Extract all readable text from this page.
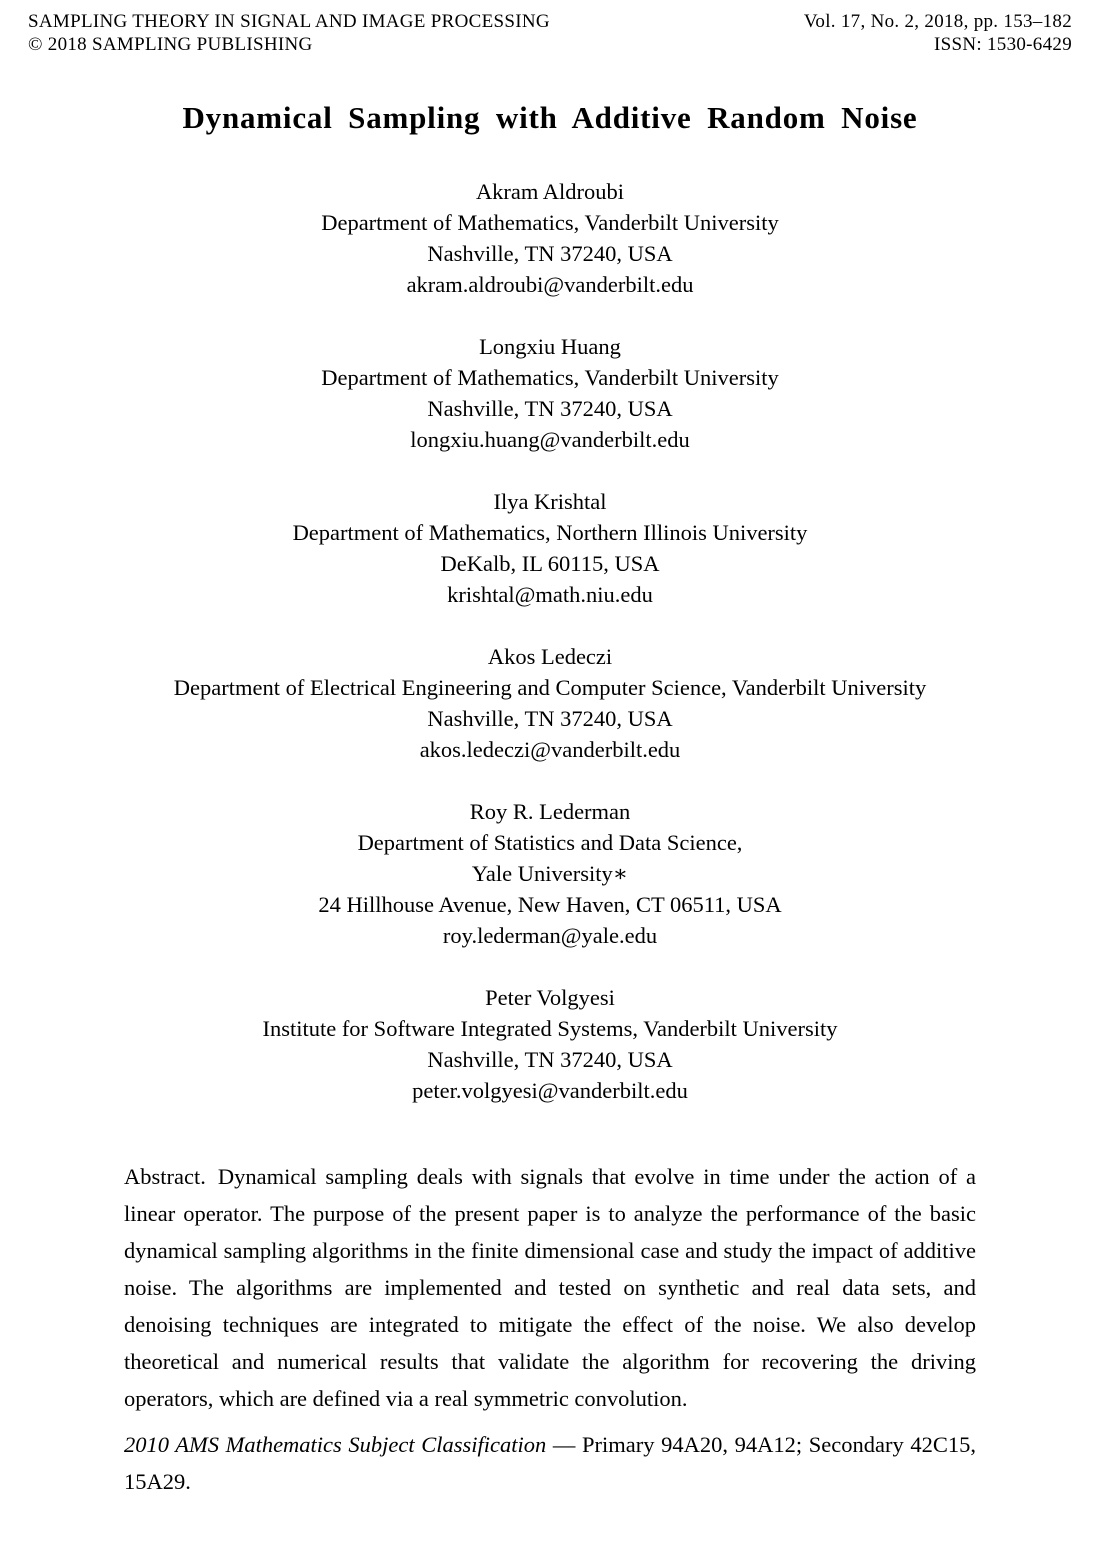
SAMPLING THEORY IN SIGNAL AND IMAGE PROCESSING
© 2018 SAMPLING PUBLISHING
Vol. 17, No. 2, 2018, pp. 153–182
ISSN: 1530-6429
Dynamical Sampling with Additive Random Noise
Akram Aldroubi
Department of Mathematics, Vanderbilt University
Nashville, TN 37240, USA
akram.aldroubi@vanderbilt.edu
Longxiu Huang
Department of Mathematics, Vanderbilt University
Nashville, TN 37240, USA
longxiu.huang@vanderbilt.edu
Ilya Krishtal
Department of Mathematics, Northern Illinois University
DeKalb, IL 60115, USA
krishtal@math.niu.edu
Akos Ledeczi
Department of Electrical Engineering and Computer Science, Vanderbilt University
Nashville, TN 37240, USA
akos.ledeczi@vanderbilt.edu
Roy R. Lederman
Department of Statistics and Data Science,
Yale University∗
24 Hillhouse Avenue, New Haven, CT 06511, USA
roy.lederman@yale.edu
Peter Volgyesi
Institute for Software Integrated Systems, Vanderbilt University
Nashville, TN 37240, USA
peter.volgyesi@vanderbilt.edu

Abstract. Dynamical sampling deals with signals that evolve in time under the action of a linear operator. The purpose of the present paper is to analyze the performance of the basic dynamical sampling algorithms in the finite dimensional case and study the impact of additive noise. The algorithms are implemented and tested on synthetic and real data sets, and denoising techniques are integrated to mitigate the effect of the noise. We also develop theoretical and numerical results that validate the algorithm for recovering the driving operators, which are defined via a real symmetric convolution.

2010 AMS Mathematics Subject Classification — Primary 94A20, 94A12; Secondary 42C15, 15A29.
